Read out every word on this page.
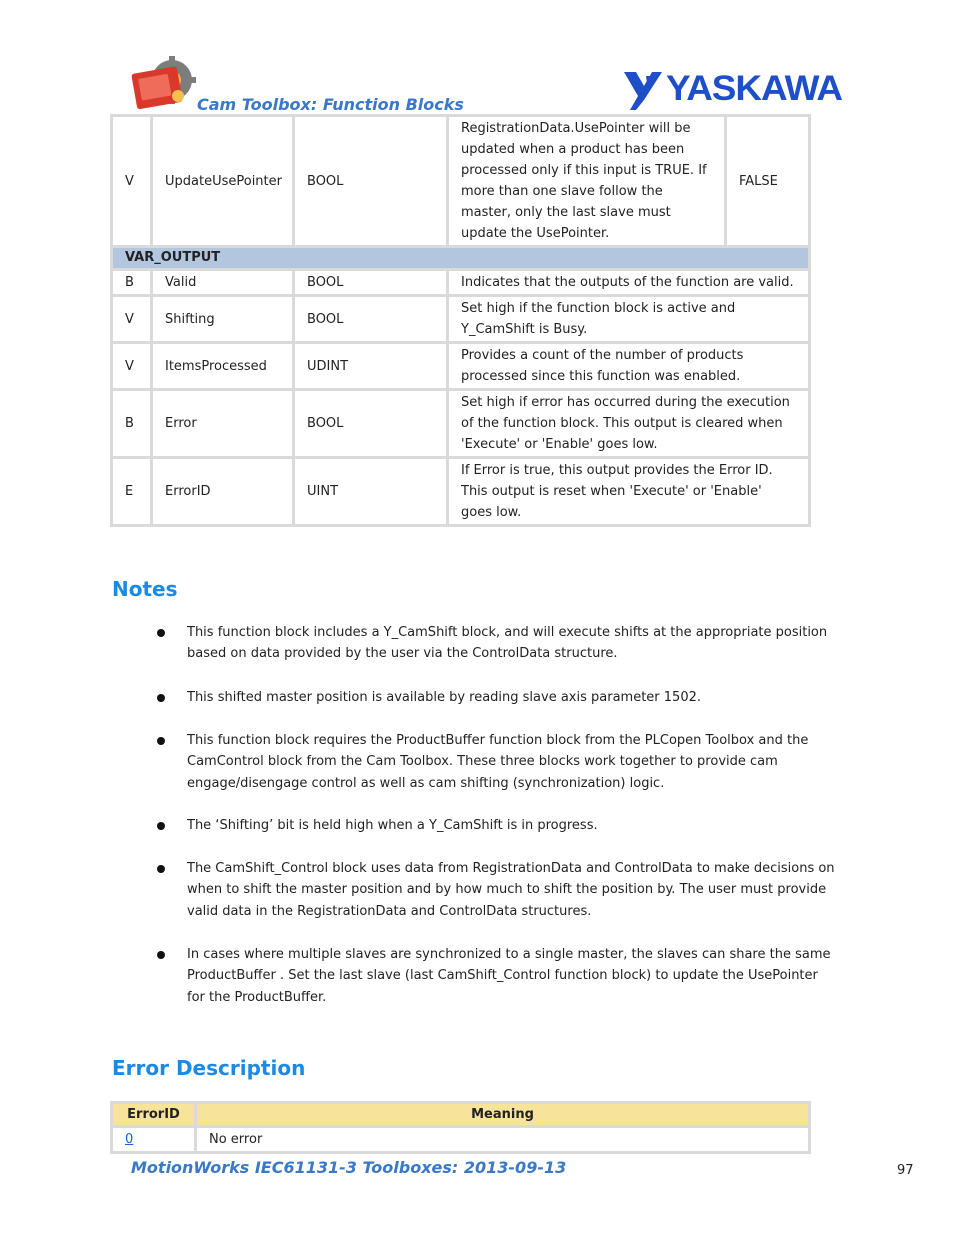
Cam Toolbox: Function Blocks	YASKAWA
V	UpdateUsePointer	BOOL	RegistrationData.UsePointer will be updated when a product has been processed only if this input is TRUE. If more than one slave follow the master, only the last slave must update the UsePointer.	FALSE
VAR_OUTPUT				
B	Valid	BOOL	Indicates that the outputs of the function are valid.	
V	Shifting	BOOL	Set high if the function block is active and Y_CamShift is Busy.	
V	ItemsProcessed	UDINT	Provides a count of the number of products processed since this function was enabled.	
B	Error	BOOL	Set high if error has occurred during the execution of the function block. This output is cleared when 'Execute' or 'Enable' goes low.	
E	ErrorID	UINT	If Error is true, this output provides the Error ID. This output is reset when 'Execute' or 'Enable' goes low.	
Notes
This function block includes a Y_CamShift block, and will execute shifts at the appropriate position based on data provided by the user via the ControlData structure.
This shifted master position is available by reading slave axis parameter 1502.
This function block requires the ProductBuffer function block from the PLCopen Toolbox and the CamControl block from the Cam Toolbox. These three blocks work together to provide cam engage/disengage control as well as cam shifting (synchronization) logic.
The ‘Shifting’ bit is held high when a Y_CamShift is in progress.
The CamShift_Control block uses data from RegistrationData and ControlData to make decisions on when to shift the master position and by how much to shift the position by. The user must provide valid data in the RegistrationData and ControlData structures.
In cases where multiple slaves are synchronized to a single master, the slaves can share the same ProductBuffer . Set the last slave (last CamShift_Control function block) to update the UsePointer for the ProductBuffer.
Error Description
ErrorID	Meaning
0	No error
MotionWorks IEC61131-3 Toolboxes: 2013-09-13	97
